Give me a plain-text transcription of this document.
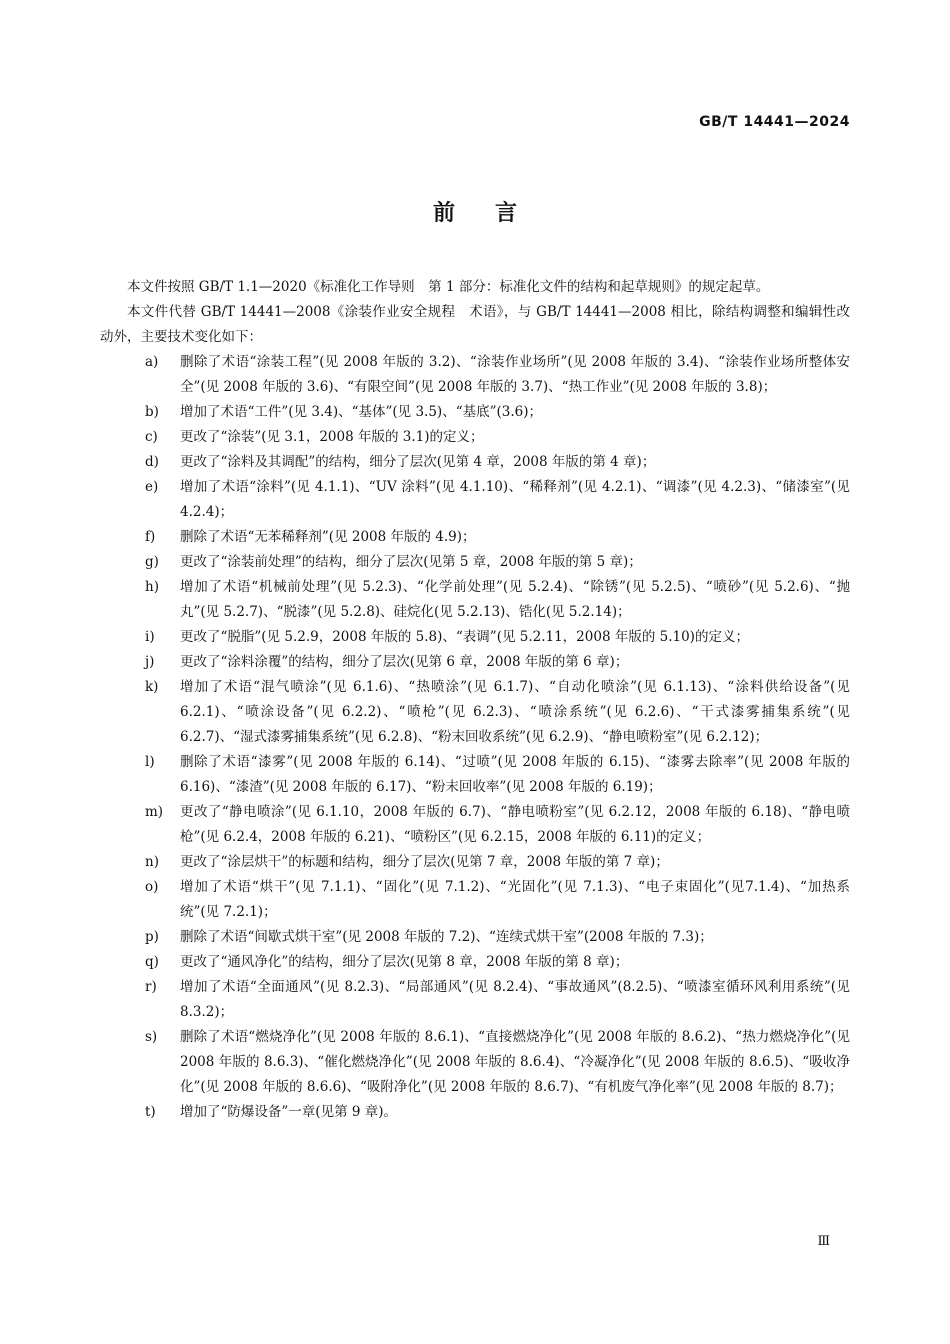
GB/T 14441—2024
前言

本文件按照 GB/T 1.1—2020《标准化工作导则　第 1 部分：标准化文件的结构和起草规则》的规定起草。

本文件代替 GB/T 14441—2008《涂装作业安全规程　术语》，与 GB/T 14441—2008 相比，除结构调整和编辑性改动外，主要技术变化如下：

a)	删除了术语“涂装工程”(见 2008 年版的 3.2)、“涂装作业场所”(见 2008 年版的 3.4)、“涂装作业场所整体安全”(见 2008 年版的 3.6)、“有限空间”(见 2008 年版的 3.7)、“热工作业”(见 2008 年版的 3.8)；
b)	增加了术语“工件”(见 3.4)、“基体”(见 3.5)、“基底”(3.6)；
c)	更改了“涂装”(见 3.1，2008 年版的 3.1)的定义；
d)	更改了“涂料及其调配”的结构，细分了层次(见第 4 章，2008 年版的第 4 章)；
e)	增加了术语“涂料”(见 4.1.1)、“UV 涂料”(见 4.1.10)、“稀释剂”(见 4.2.1)、“调漆”(见 4.2.3)、“储漆室”(见 4.2.4)；
f)	删除了术语“无苯稀释剂”(见 2008 年版的 4.9)；
g)	更改了“涂装前处理”的结构，细分了层次(见第 5 章，2008 年版的第 5 章)；
h)	增加了术语“机械前处理”(见 5.2.3)、“化学前处理”(见 5.2.4)、“除锈”(见 5.2.5)、“喷砂”(见 5.2.6)、“抛丸”(见 5.2.7)、“脱漆”(见 5.2.8)、硅烷化(见 5.2.13)、锆化(见 5.2.14)；
i)	更改了“脱脂”(见 5.2.9，2008 年版的 5.8)、“表调”(见 5.2.11，2008 年版的 5.10)的定义；
j)	更改了“涂料涂覆”的结构，细分了层次(见第 6 章，2008 年版的第 6 章)；
k)	增加了术语“混气喷涂”(见 6.1.6)、“热喷涂”(见 6.1.7)、“自动化喷涂”(见 6.1.13)、“涂料供给设备”(见 6.2.1)、“喷涂设备”(见 6.2.2)、“喷枪”(见 6.2.3)、“喷涂系统”(见 6.2.6)、“干式漆雾捕集系统”(见 6.2.7)、“湿式漆雾捕集系统”(见 6.2.8)、“粉末回收系统”(见 6.2.9)、“静电喷粉室”(见 6.2.12)；
l)	删除了术语“漆雾”(见 2008 年版的 6.14)、“过喷”(见 2008 年版的 6.15)、“漆雾去除率”(见 2008 年版的 6.16)、“漆渣”(见 2008 年版的 6.17)、“粉末回收率”(见 2008 年版的 6.19)；
m)	更改了“静电喷涂”(见 6.1.10，2008 年版的 6.7)、“静电喷粉室”(见 6.2.12，2008 年版的 6.18)、“静电喷枪”(见 6.2.4，2008 年版的 6.21)、“喷粉区”(见 6.2.15，2008 年版的 6.11)的定义；
n)	更改了“涂层烘干”的标题和结构，细分了层次(见第 7 章，2008 年版的第 7 章)；
o)	增加了术语“烘干”(见 7.1.1)、“固化”(见 7.1.2)、“光固化”(见 7.1.3)、“电子束固化”(见7.1.4)、“加热系统”(见 7.2.1)；
p)	删除了术语“间歇式烘干室”(见 2008 年版的 7.2)、“连续式烘干室”(2008 年版的 7.3)；
q)	更改了“通风净化”的结构，细分了层次(见第 8 章，2008 年版的第 8 章)；
r)	增加了术语“全面通风”(见 8.2.3)、“局部通风”(见 8.2.4)、“事故通风”(8.2.5)、“喷漆室循环风利用系统”(见 8.3.2)；
s)	删除了术语“燃烧净化”(见 2008 年版的 8.6.1)、“直接燃烧净化”(见 2008 年版的 8.6.2)、“热力燃烧净化”(见 2008 年版的 8.6.3)、“催化燃烧净化”(见 2008 年版的 8.6.4)、“冷凝净化”(见 2008 年版的 8.6.5)、“吸收净化”(见 2008 年版的 8.6.6)、“吸附净化”(见 2008 年版的 8.6.7)、“有机废气净化率”(见 2008 年版的 8.7)；
t)	增加了“防爆设备”一章(见第 9 章)。
Ⅲ
